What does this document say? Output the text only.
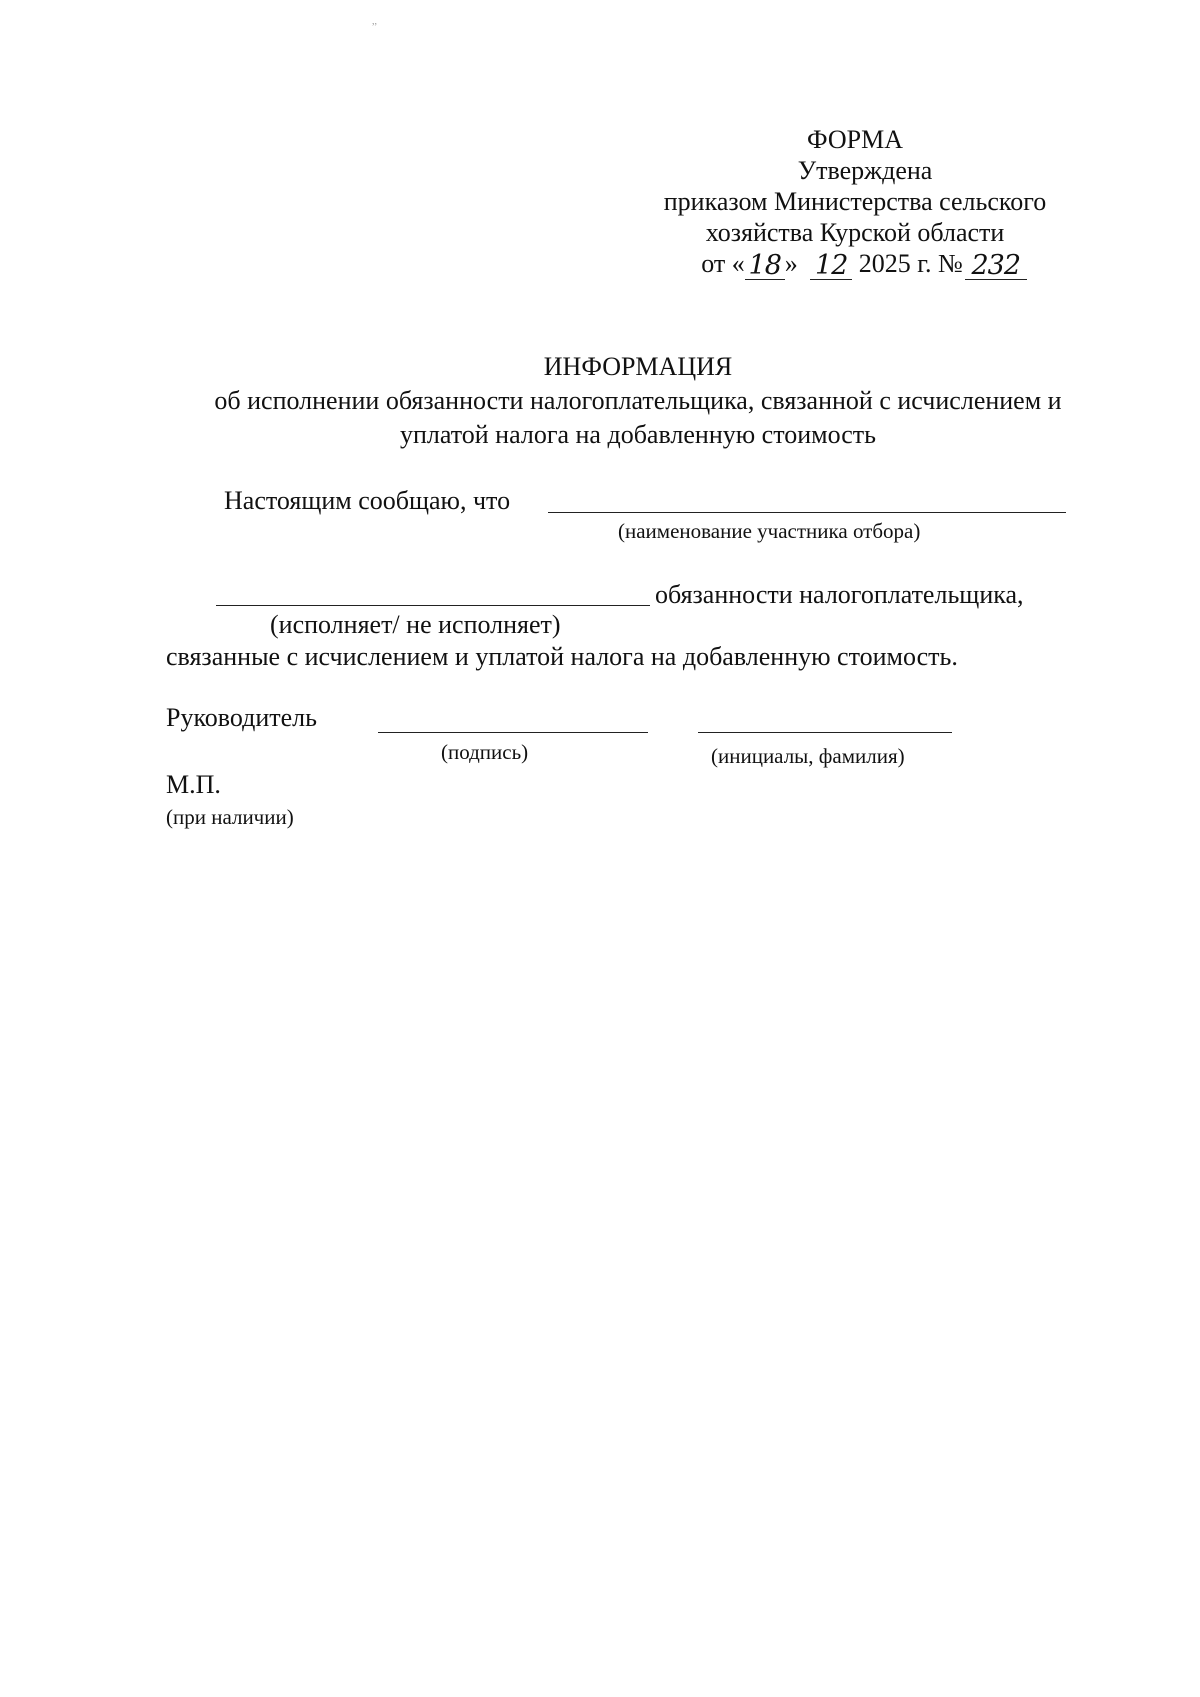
,,
ФОРМА
Утверждена
приказом Министерства сельского
хозяйства Курской области
от « 18 » 12 2025 г. № 232
ИНФОРМАЦИЯ
об исполнении обязанности налогоплательщика, связанной с исчислением и
уплатой налога на добавленную стоимость
Настоящим сообщаю, что
(наименование участника отбора)
обязанности налогоплательщика,
(исполняет/ не исполняет)
связанные с исчислением и уплатой налога на добавленную стоимость.
Руководитель
(подпись)	(инициалы, фамилия)
М.П.
(при наличии)
